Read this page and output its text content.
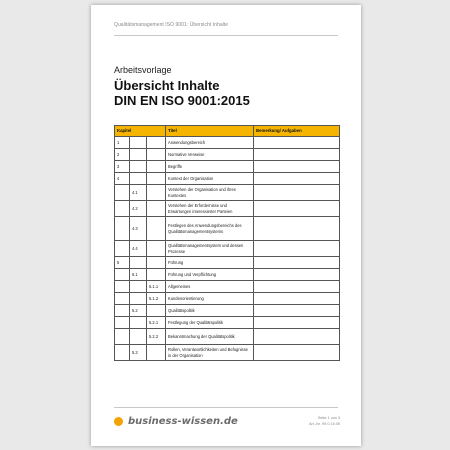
Qualitätsmanagement ISO 9001: Übersicht Inhalte
Arbeitsvorlage
Übersicht Inhalte
DIN EN ISO 9001:2015
Kapitel			Titel	Bemerkung/ Aufgaben
1			Anwendungsbereich	
2			Normative Verweise	
3			Begriffe	
4			Kontext der Organisation	
	4.1		Verstehen der Organisation und ihres Kontextes	
	4.2		Verstehen der Erfordernisse und Erwartungen interessierter Parteien	
	4.3		Festlegen des Anwendungsbereichs des Qualitätsmanagementsystems	
	4.4		Qualitätsmanagementsystem und dessen Prozesse	
5			Führung	
	5.1		Führung und Verpflichtung	
		5.1.1	Allgemeines	
		5.1.2	Kundenorientierung	
	5.2		Qualitätspolitik	
		5.2.1	Festlegung der Qualitätspolitik	
		5.2.2	Bekanntmachung der Qualitätspolitik	
	5.3		Rollen, Verantwortlichkeiten und Befugnisse in der Organisation	
business-wissen.de	Seite 1 von 3
Art.-Nr. 99.0.15.05
